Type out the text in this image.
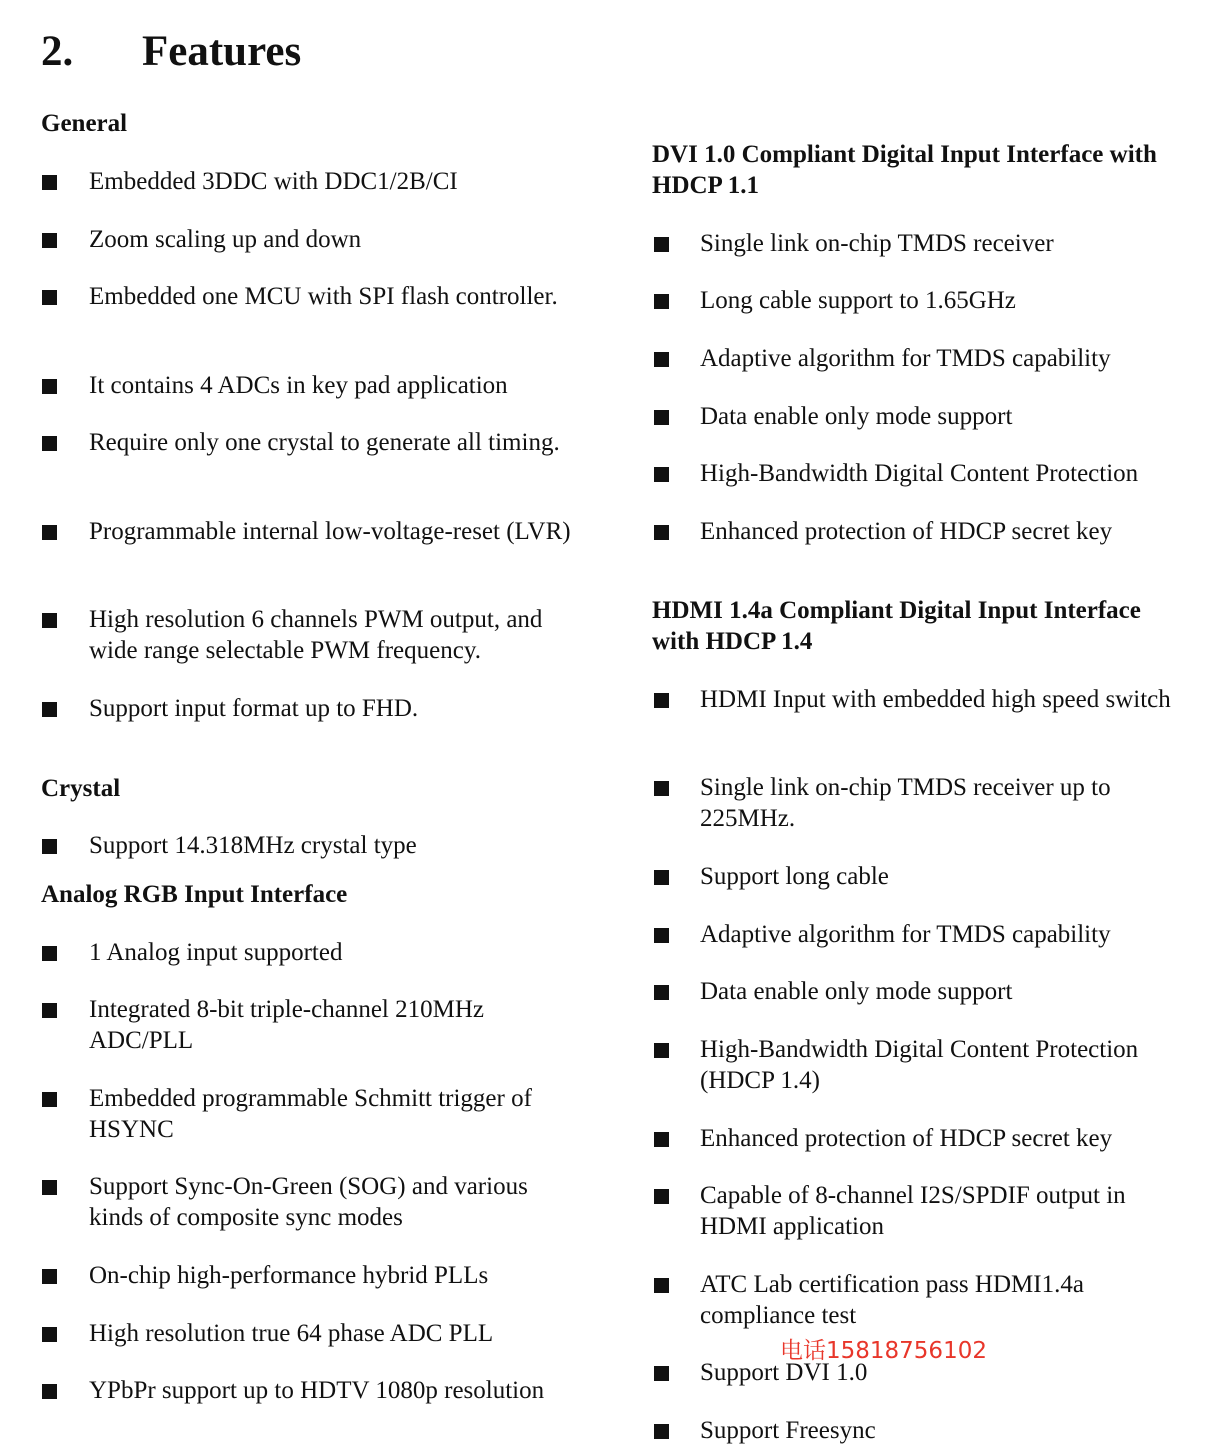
2. Features
General
Embedded 3DDC with DDC1/2B/CI
Zoom scaling up and down
Embedded one MCU with SPI flash controller.
It contains 4 ADCs in key pad application
Require only one crystal to generate all timing.
Programmable internal low-voltage-reset (LVR)
High resolution 6 channels PWM output, and wide range selectable PWM frequency.
Support input format up to FHD.
Crystal
Support 14.318MHz crystal type
Analog RGB Input Interface
1 Analog input supported
Integrated 8-bit triple-channel 210MHz ADC/PLL
Embedded programmable Schmitt trigger of HSYNC
Support Sync-On-Green (SOG) and various kinds of composite sync modes
On-chip high-performance hybrid PLLs
High resolution true 64 phase ADC PLL
YPbPr support up to HDTV 1080p resolution
DVI 1.0 Compliant Digital Input Interface with HDCP 1.1
Single link on-chip TMDS receiver
Long cable support to 1.65GHz
Adaptive algorithm for TMDS capability
Data enable only mode support
High-Bandwidth Digital Content Protection
Enhanced protection of HDCP secret key
HDMI 1.4a Compliant Digital Input Interface with HDCP 1.4
HDMI Input with embedded high speed switch
Single link on-chip TMDS receiver up to 225MHz.
Support long cable
Adaptive algorithm for TMDS capability
Data enable only mode support
High-Bandwidth Digital Content Protection (HDCP 1.4)
Enhanced protection of HDCP secret key
Capable of 8-channel I2S/SPDIF output in HDMI application
ATC Lab certification pass HDMI1.4a compliance test
Support DVI 1.0
Support Freesync
电话15818756102
